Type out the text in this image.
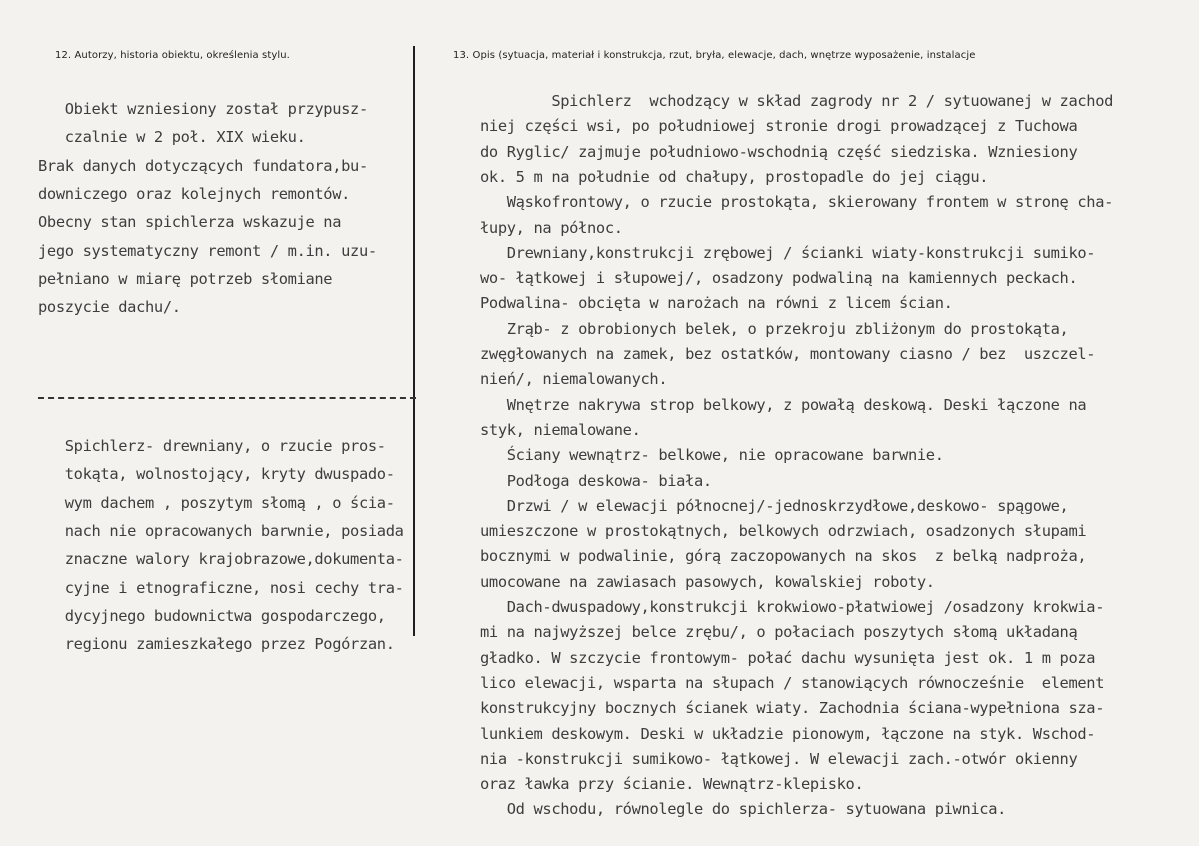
12. Autorzy, historia obiektu, określenia stylu.	13. Opis (sytuacja, materiał i konstrukcja, rzut, bryła, elewacje, dach, wnętrze wyposażenie, instalacje
Obiekt wzniesiony został przypusz-
czalnie w 2 poł. XIX wieku.
Brak danych dotyczących fundatora,bu-
downiczego oraz kolejnych remontów.
Obecny stan spichlerza wskazuje na
jego systematyczny remont / m.in. uzu-
pełniano w miarę potrzeb słomiane
poszycie dachu/.
Spichlerz- drewniany, o rzucie pros-
tokąta, wolnostojący, kryty dwuspado-
wym dachem , poszytym słomą , o ścia-
nach nie opracowanych barwnie, posiada
znaczne walory krajobrazowe,dokumenta-
cyjne i etnograficzne, nosi cechy tra-
dycyjnego budownictwa gospodarczego,
regionu zamieszkałego przez Pogórzan.
Spichlerz  wchodzący w skład zagrody nr 2 / sytuowanej w zachod
niej części wsi, po południowej stronie drogi prowadzącej z Tuchowa
do Ryglic/ zajmuje południowo-wschodnią część siedziska. Wzniesiony
ok. 5 m na południe od chałupy, prostopadle do jej ciągu.
Wąskofrontowy, o rzucie prostokąta, skierowany frontem w stronę cha-
łupy, na północ.
Drewniany,konstrukcji zrębowej / ścianki wiaty-konstrukcji sumiko-
wo- łątkowej i słupowej/, osadzony podwaliną na kamiennych peckach.
Podwalina- obcięta w narożach na równi z licem ścian.
Zrąb- z obrobionych belek, o przekroju zbliżonym do prostokąta,
zwęgłowanych na zamek, bez ostatków, montowany ciasno / bez  uszczel-
nień/, niemalowanych.
Wnętrze nakrywa strop belkowy, z powałą deskową. Deski łączone na
styk, niemalowane.
Ściany wewnątrz- belkowe, nie opracowane barwnie.
Podłoga deskowa- biała.
Drzwi / w elewacji północnej/-jednoskrzydłowe,deskowo- spągowe,
umieszczone w prostokątnych, belkowych odrzwiach, osadzonych słupami
bocznymi w podwalinie, górą zaczopowanych na skos  z belką nadproża,
umocowane na zawiasach pasowych, kowalskiej roboty.
Dach-dwuspadowy,konstrukcji krokwiowo-płatwiowej /osadzony krokwia-
mi na najwyższej belce zrębu/, o połaciach poszytych słomą układaną
gładko. W szczycie frontowym- połać dachu wysunięta jest ok. 1 m poza
lico elewacji, wsparta na słupach / stanowiących równocześnie  element
konstrukcyjny bocznych ścianek wiaty. Zachodnia ściana-wypełniona sza-
lunkiem deskowym. Deski w układzie pionowym, łączone na styk. Wschod-
nia -konstrukcji sumikowo- łątkowej. W elewacji zach.-otwór okienny
oraz ławka przy ścianie. Wewnątrz-klepisko.
Od wschodu, równolegle do spichlerza- sytuowana piwnica.
